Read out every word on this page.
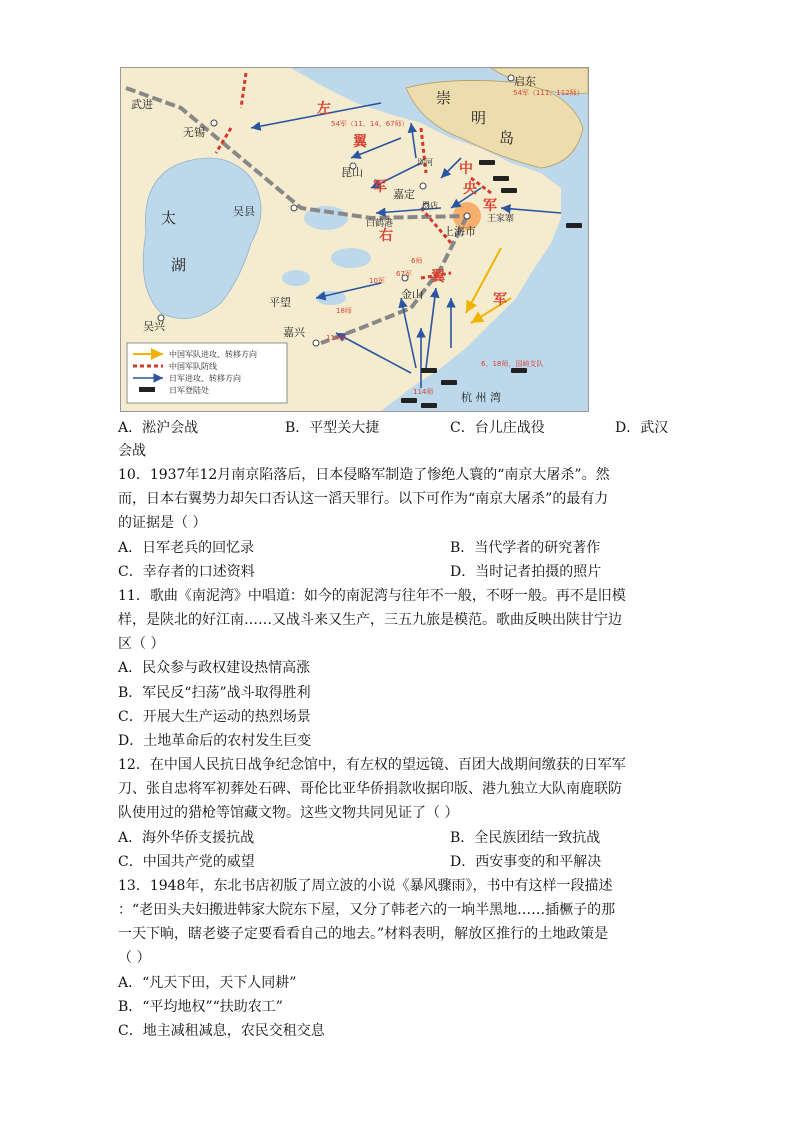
武进
无锡
吴县
昆山
嘉定
浏河
罗店
上海市
王家寨
白鹤港
金山
平望
嘉兴
吴兴
启东
杭 州 湾
太
湖
崇
明
岛
左
翼
军
中
央
军
右
翼
军
54军（11、14、67师）
54军（111、112师）
6师
67军
10军
18师
114师
114师
6、18师，国崎支队
中国军队进攻、转移方向
中国军队防线
日军进攻、转移方向
日军登陆处
A．淞沪会战	B．平型关大捷	C．台儿庄战役	D．武汉
会战
10．1937年12月南京陷落后，日本侵略军制造了惨绝人寰的“南京大屠杀”。然
而，日本右翼势力却矢口否认这一滔天罪行。以下可作为“南京大屠杀”的最有力
的证据是（ ）
A．日军老兵的回忆录	B．当代学者的研究著作
C．幸存者的口述资料	D．当时记者拍摄的照片
11．歌曲《南泥湾》中唱道：如今的南泥湾与往年不一般，不呀一般。再不是旧模
样，是陕北的好江南……又战斗来又生产，三五九旅是模范。歌曲反映出陕甘宁边
区（ ）
A．民众参与政权建设热情高涨
B．军民反“扫荡”战斗取得胜利
C．开展大生产运动的热烈场景
D．土地革命后的农村发生巨变
12．在中国人民抗日战争纪念馆中，有左权的望远镜、百团大战期间缴获的日军军
刀、张自忠将军初葬处石碑、哥伦比亚华侨捐款收据印版、港九独立大队南鹿联防
队使用过的猎枪等馆藏文物。这些文物共同见证了（ ）
A．海外华侨支援抗战	B．全民族团结一致抗战
C．中国共产党的威望	D．西安事变的和平解决
13．1948年，东北书店初版了周立波的小说《暴风骤雨》，书中有这样一段描述
：“老田头夫妇搬进韩家大院东下屋，又分了韩老六的一垧半黑地……插橛子的那
一天下晌，瞎老婆子定要看看自己的地去。”材料表明，解放区推行的土地政策是
（ ）
A．“凡天下田，天下人同耕”
B．“平均地权”“扶助农工”
C．地主减租减息，农民交租交息
